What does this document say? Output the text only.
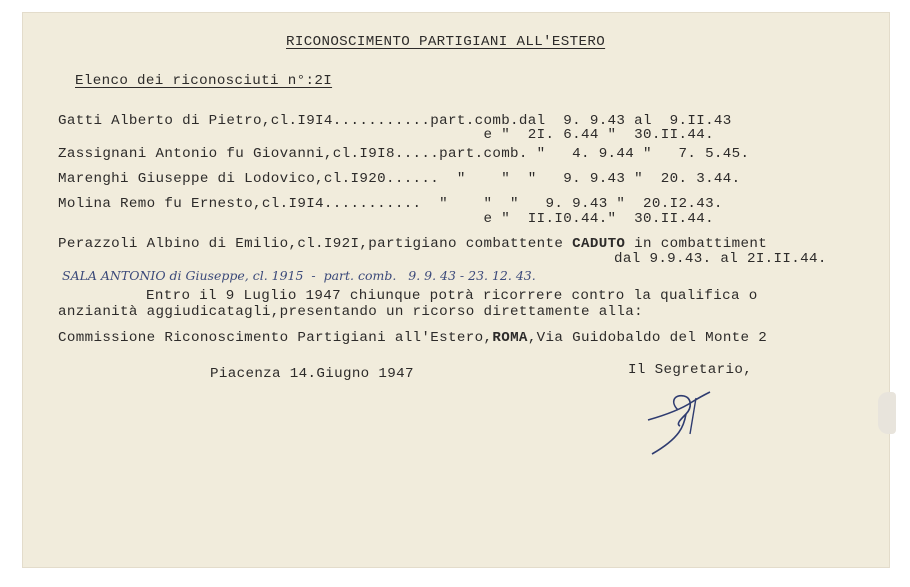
RICONOSCIMENTO PARTIGIANI ALL'ESTERO
Elenco dei riconosciuti n°:2I
Gatti Alberto di Pietro,cl.I9I4...........part.comb.dal  9. 9.43 al  9.II.43
e "  2I. 6.44 "  30.II.44.
Zassignani Antonio fu Giovanni,cl.I9I8.....part.comb. "   4. 9.44 "   7. 5.45.
Marenghi Giuseppe di Lodovico,cl.I920......  "    "  "   9. 9.43 "  20. 3.44.
Molina Remo fu Ernesto,cl.I9I4...........  "    "  "   9. 9.43 "  20.I2.43.
e "  II.I0.44."  30.II.44.
Perazzoli Albino di Emilio,cl.I92I,partigiano combattente CADUTO in combattiment
dal 9.9.43. al 2I.II.44.
SALA ANTONIO di Giuseppe, cl. 1915  -  part. comb.   9. 9. 43 - 23. 12. 43.
Entro il 9 Luglio 1947 chiunque potrà ricorrere contro la qualifica o
anzianità aggiudicatagli,presentando un ricorso direttamente alla:
Commissione Riconoscimento Partigiani all'Estero,ROMA,Via Guidobaldo del Monte 2
Piacenza 14.Giugno 1947	Il Segretario,
